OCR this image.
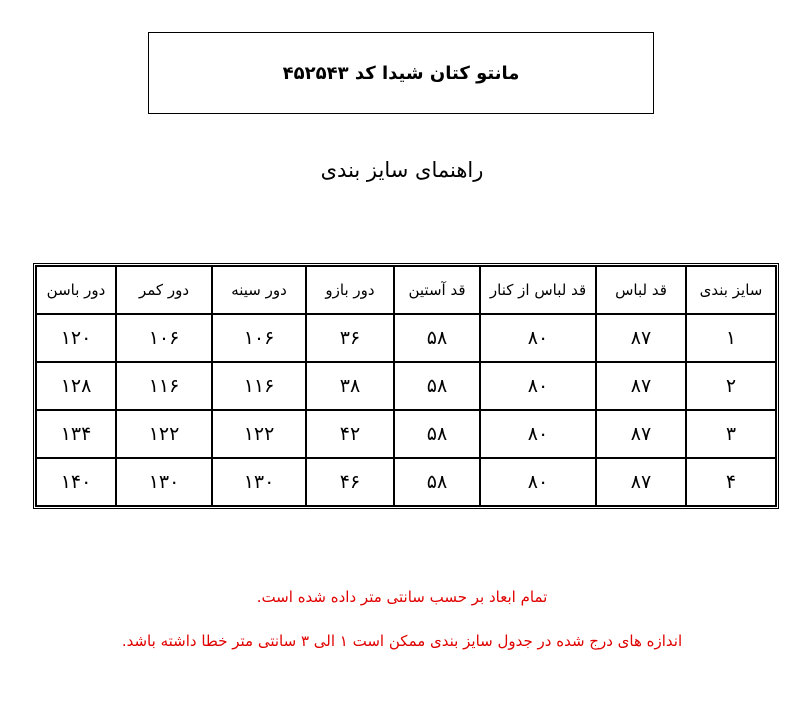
مانتو کتان شیدا کد ۴۵۲۵۴۳
راهنمای سایز بندی
سایز بندی	قد لباس	قد لباس از کنار	قد آستین	دور بازو	دور سینه	دور کمر	دور باسن
۱	۸۷	۸۰	۵۸	۳۶	۱۰۶	۱۰۶	۱۲۰
۲	۸۷	۸۰	۵۸	۳۸	۱۱۶	۱۱۶	۱۲۸
۳	۸۷	۸۰	۵۸	۴۲	۱۲۲	۱۲۲	۱۳۴
۴	۸۷	۸۰	۵۸	۴۶	۱۳۰	۱۳۰	۱۴۰
تمام ابعاد بر حسب سانتی متر داده شده است.
اندازه های درج شده در جدول سایز بندی ممکن است ۱ الی ۳ سانتی متر خطا داشته باشد.
